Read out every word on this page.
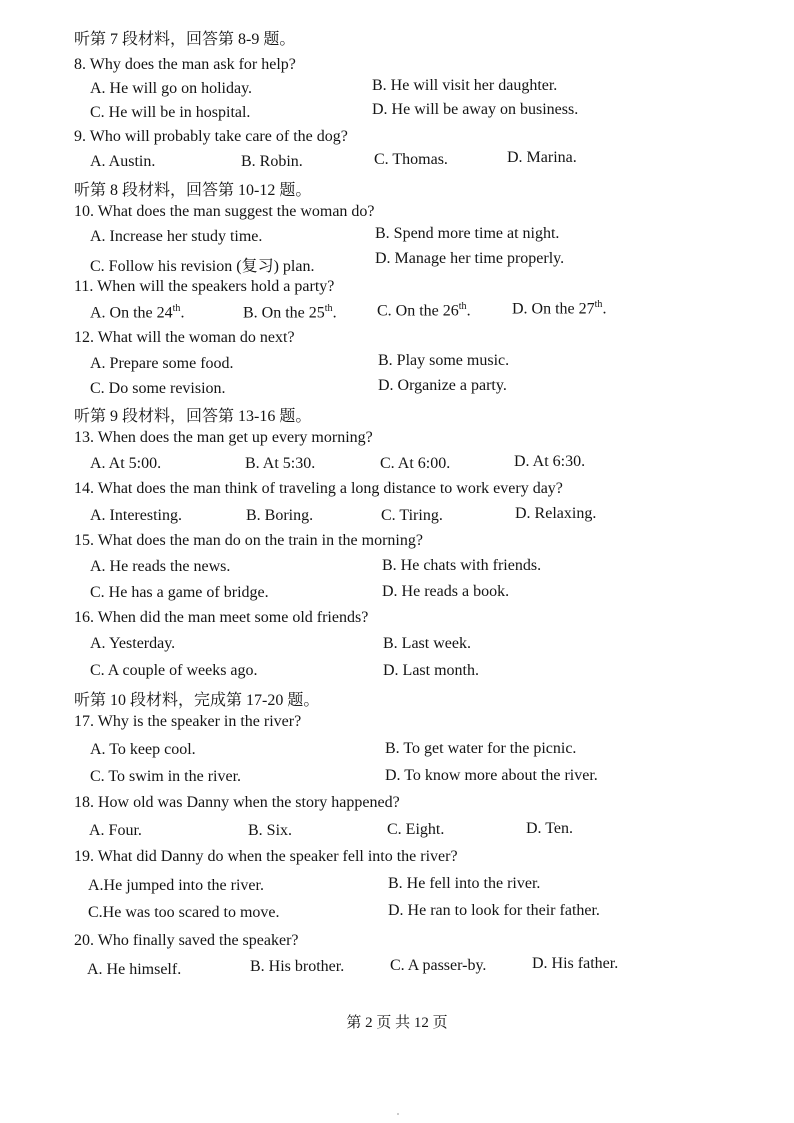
听第 7 段材料，回答第 8-9 题。
8. Why does the man ask for help?
A. He will go on holiday.	B. He will visit her daughter.
C. He will be in hospital.	D. He will be away on business.
9. Who will probably take care of the dog?
A. Austin.	B. Robin.	C. Thomas.	D. Marina.
听第 8 段材料，回答第 10-12 题。
10. What does the man suggest the woman do?
A. Increase her study time.	B. Spend more time at night.
C. Follow his revision (复习) plan.	D. Manage her time properly.
11. When will the speakers hold a party?
A. On the 24th.	B. On the 25th.	C. On the 26th.	D. On the 27th.
12. What will the woman do next?
A. Prepare some food.	B. Play some music.
C. Do some revision.	D. Organize a party.
听第 9 段材料，回答第 13-16 题。
13. When does the man get up every morning?
A. At 5:00.	B. At 5:30.	C. At 6:00.	D. At 6:30.
14. What does the man think of traveling a long distance to work every day?
A. Interesting.	B. Boring.	C. Tiring.	D. Relaxing.
15. What does the man do on the train in the morning?
A. He reads the news.	B. He chats with friends.
C. He has a game of bridge.	D. He reads a book.
16. When did the man meet some old friends?
A. Yesterday.	B. Last week.
C. A couple of weeks ago.	D. Last month.
听第 10 段材料，完成第 17-20 题。
17. Why is the speaker in the river?
A. To keep cool.	B. To get water for the picnic.
C. To swim in the river.	D. To know more about the river.
18. How old was Danny when the story happened?
A. Four.	B. Six.	C. Eight.	D. Ten.
19. What did Danny do when the speaker fell into the river?
A.He jumped into the river.	B. He fell into the river.
C.He was too scared to move.	D. He ran to look for their father.
20. Who finally saved the speaker?
A. He himself.	B. His brother.	C. A passer-by.	D. His father.
第 2 页 共 12 页
